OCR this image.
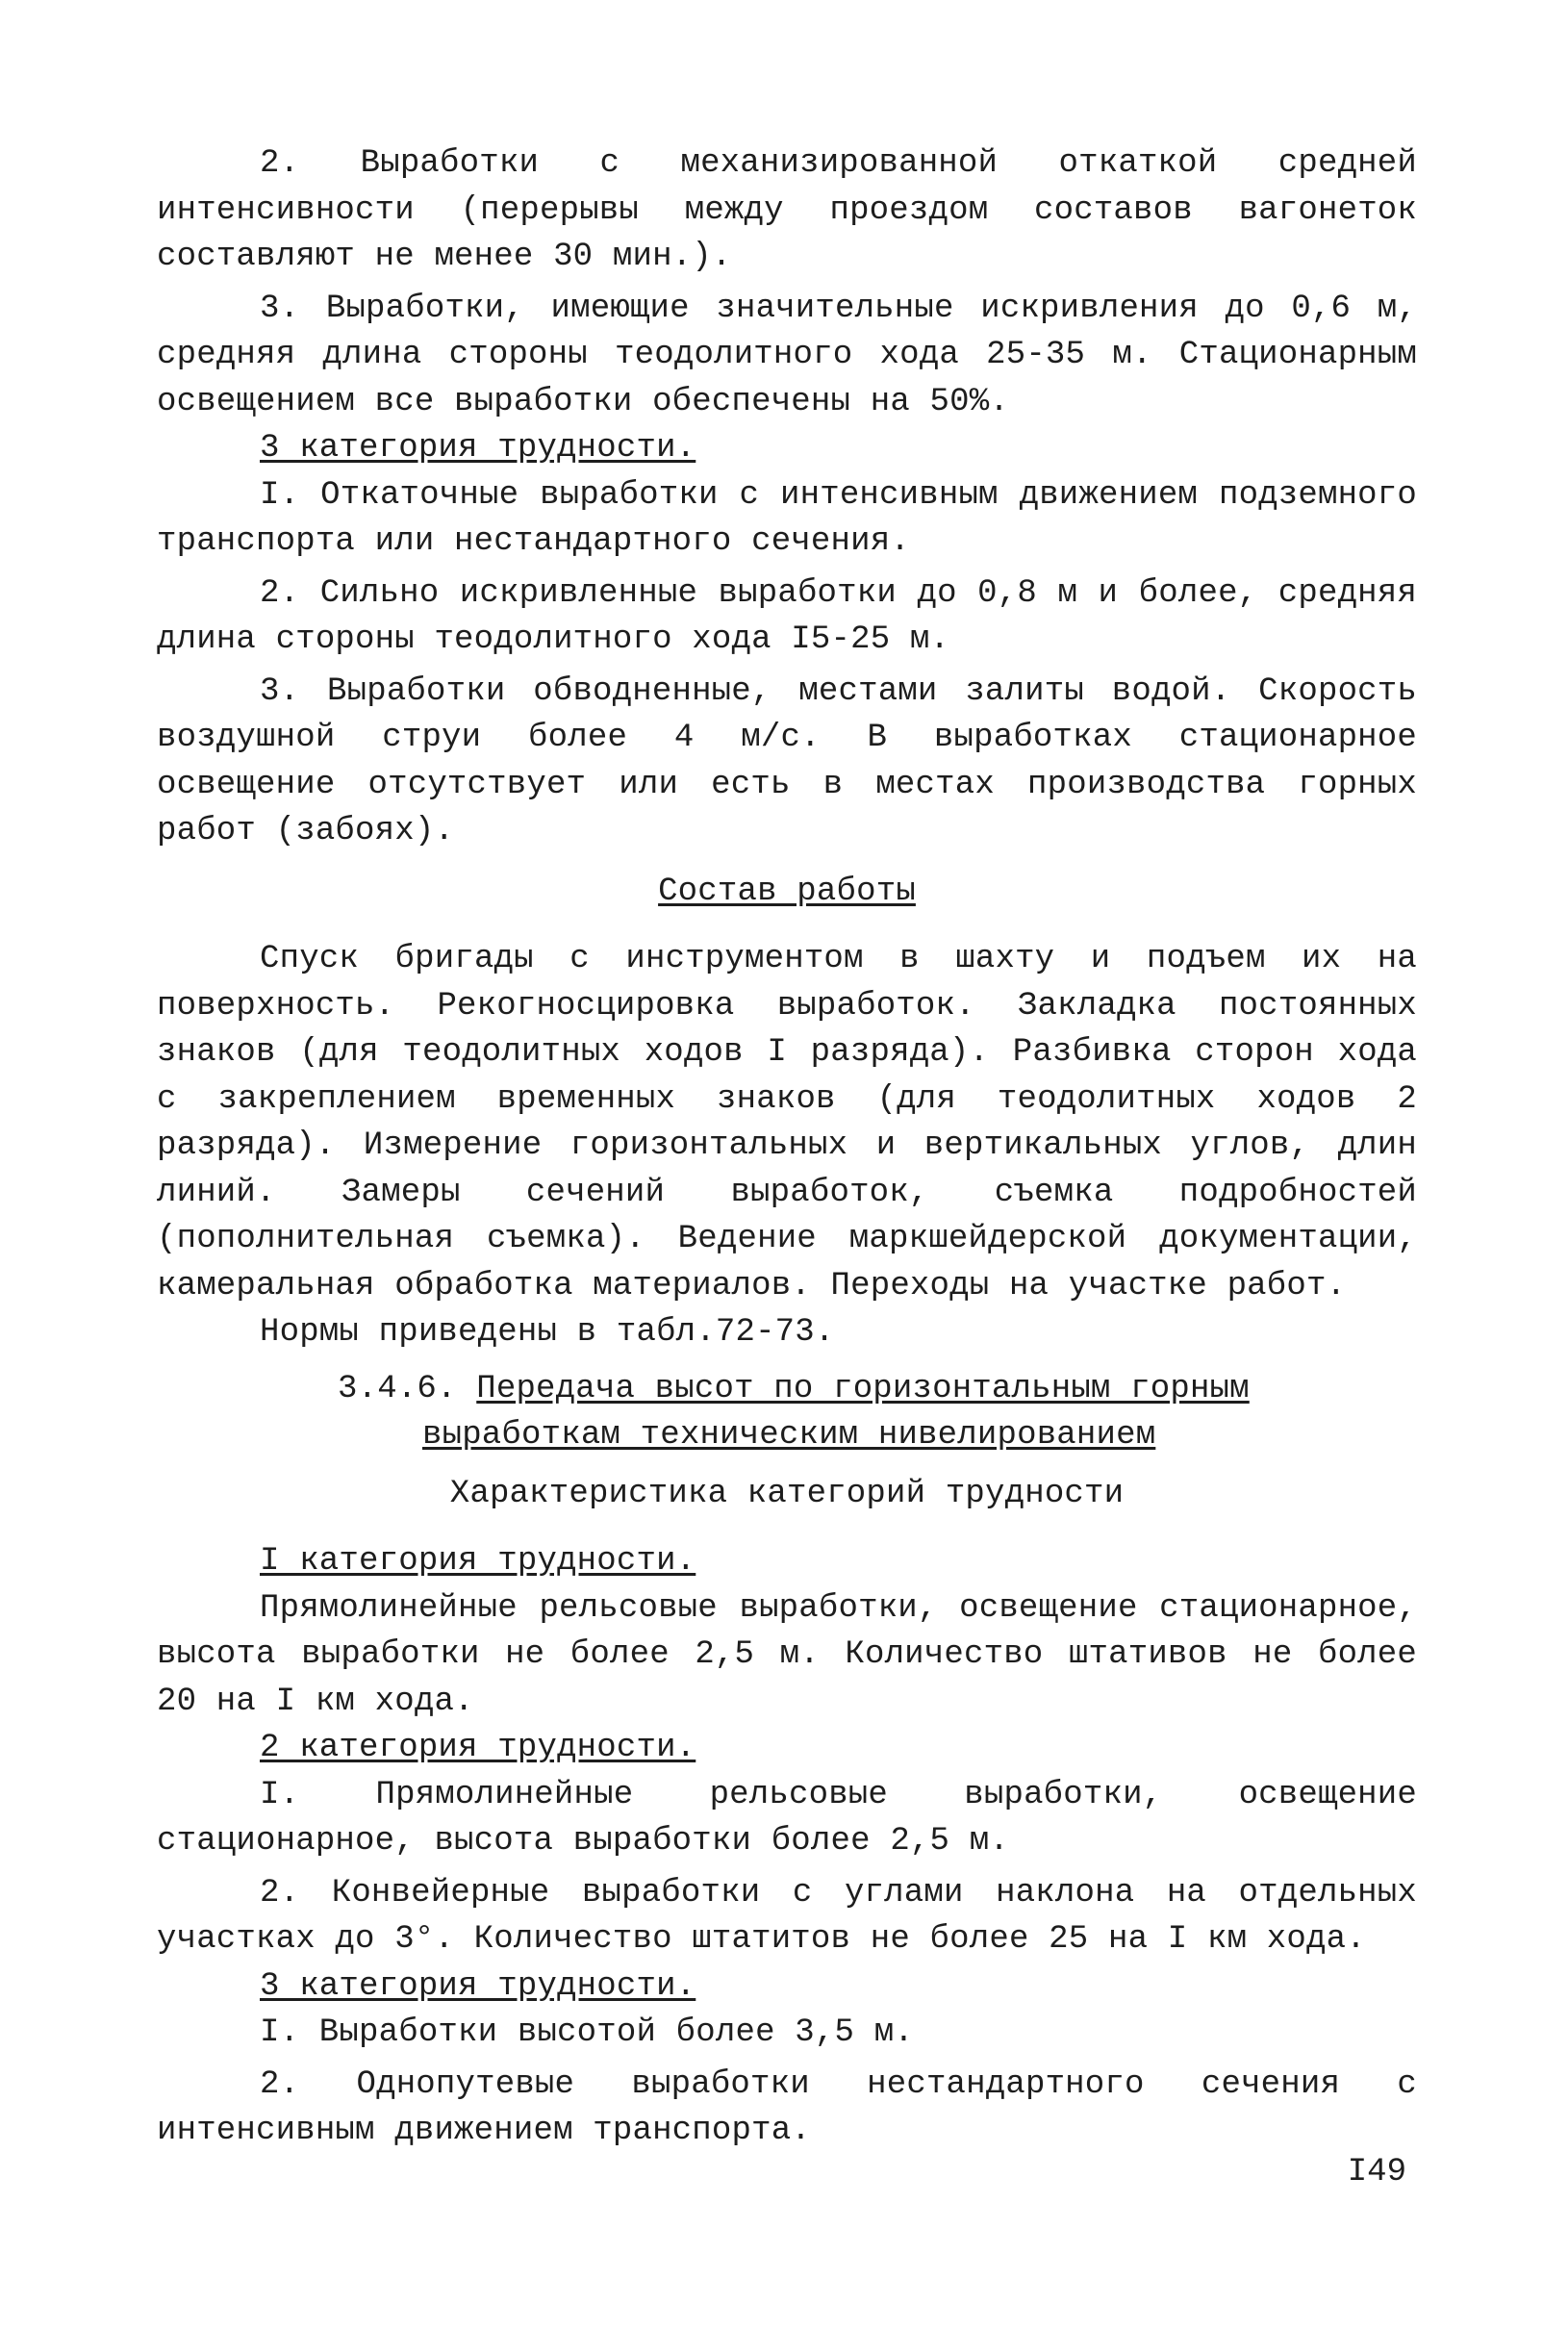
2. Выработки с механизированной откаткой средней интенсивности (перерывы между проездом составов вагонеток составляют не менее 30 мин.).

3. Выработки, имеющие значительные искривления до 0,6 м, средняя длина стороны теодолитного хода 25-35 м. Стационарным освещением все выработки обеспечены на 50%.

3 категория трудности.

I. Откаточные выработки с интенсивным движением подземного транспорта или нестандартного сечения.

2. Сильно искривленные выработки до 0,8 м и более, средняя длина стороны теодолитного хода I5-25 м.

3. Выработки обводненные, местами залиты водой. Скорость воздушной струи более 4 м/с. В выработках стационарное освещение отсутствует или есть в местах производства горных работ (забоях).

Состав работы

Спуск бригады с инструментом в шахту и подъем их на поверхность. Рекогносцировка выработок. Закладка постоянных знаков (для теодолитных ходов I разряда). Разбивка сторон хода с закреплением временных знаков (для теодолитных ходов 2 разряда). Измерение горизонтальных и вертикальных углов, длин линий. Замеры сечений выработок, съемка подробностей (пополнительная съемка). Ведение маркшейдерской документации, камеральная обработка материалов. Переходы на участке работ.

Нормы приведены в табл.72-73.

3.4.6. Передача высот по горизонтальным горным
выработкам техническим нивелированием

Характеристика категорий трудности

I категория трудности.

Прямолинейные рельсовые выработки, освещение стационарное, высота выработки не более 2,5 м. Количество штативов не более 20 на I км хода.

2 категория трудности.

I. Прямолинейные рельсовые выработки, освещение стационарное, высота выработки более 2,5 м.

2. Конвейерные выработки с углами наклона на отдельных участках до 3°. Количество штатитов не более 25 на I км хода.

3 категория трудности.

I. Выработки высотой более 3,5 м.

2. Однопутевые выработки нестандартного сечения с интенсивным движением транспорта.

I49
